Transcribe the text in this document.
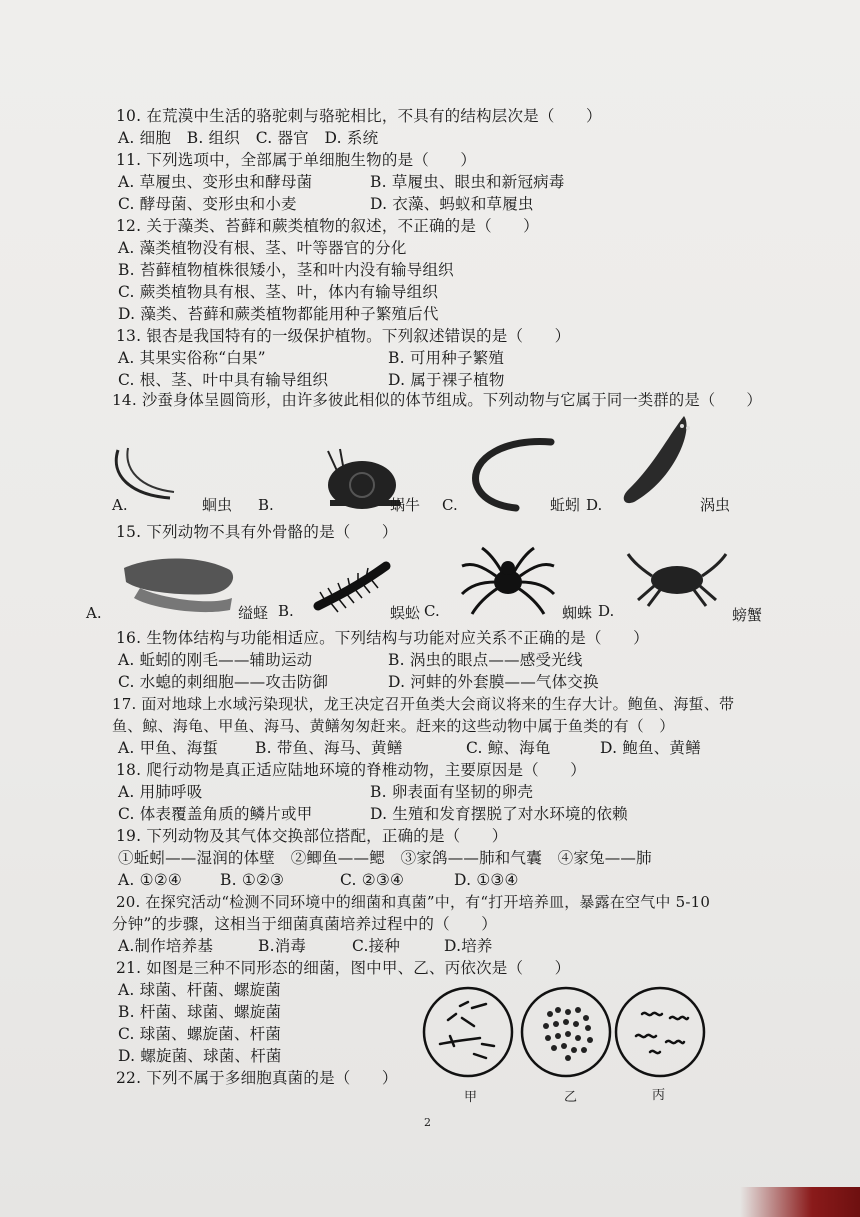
10. 在荒漠中生活的骆驼刺与骆驼相比，不具有的结构层次是（　　）
A. 细胞　B. 组织　C. 器官　D. 系统
11. 下列选项中，全部属于单细胞生物的是（　　）
A. 草履虫、变形虫和酵母菌	B. 草履虫、眼虫和新冠病毒
C. 酵母菌、变形虫和小麦	D. 衣藻、蚂蚁和草履虫
12. 关于藻类、苔藓和蕨类植物的叙述，不正确的是（　　）
A. 藻类植物没有根、茎、叶等器官的分化
B. 苔藓植物植株很矮小，茎和叶内没有输导组织
C. 蕨类植物具有根、茎、叶，体内有输导组织
D. 藻类、苔藓和蕨类植物都能用种子繁殖后代
13. 银杏是我国特有的一级保护植物。下列叙述错误的是（　　）
A. 其果实俗称“白果”	B. 可用种子繁殖
C. 根、茎、叶中具有输导组织	D. 属于裸子植物
14. 沙蚕身体呈圆筒形，由许多彼此相似的体节组成。下列动物与它属于同一类群的是（　　）
A.	蛔虫 B.	蜗牛 C.	蚯蚓 D.	涡虫
15. 下列动物不具有外骨骼的是（　　）
A.	缢蛏 B.	蜈蚣 C.	蜘蛛 D.	螃蟹
16. 生物体结构与功能相适应。下列结构与功能对应关系不正确的是（　　）
A. 蚯蚓的刚毛——辅助运动	B. 涡虫的眼点——感受光线
C. 水螅的刺细胞——攻击防御	D. 河蚌的外套膜——气体交换
17. 面对地球上水域污染现状，龙王决定召开鱼类大会商议将来的生存大计。鲍鱼、海蜇、带
鱼、鲸、海龟、甲鱼、海马、黄鳝匆匆赶来。赶来的这些动物中属于鱼类的有（　）
A. 甲鱼、海蜇 B. 带鱼、海马、黄鳝	C. 鲸、海龟	D. 鲍鱼、黄鳝
18. 爬行动物是真正适应陆地环境的脊椎动物，主要原因是（　　）
A. 用肺呼吸	B. 卵表面有坚韧的卵壳
C. 体表覆盖角质的鳞片或甲	D. 生殖和发育摆脱了对水环境的依赖
19. 下列动物及其气体交换部位搭配，正确的是（　　）
①蚯蚓——湿润的体壁　②鲫鱼——鳃　③家鸽——肺和气囊　④家兔——肺
A. ①②④ B. ①②③	C. ②③④	D. ①③④
20. 在探究活动“检测不同环境中的细菌和真菌”中，有“打开培养皿，暴露在空气中 5-10
分钟”的步骤，这相当于细菌真菌培养过程中的（　　）
A.制作培养基	B.消毒	C.接种	D.培养
21. 如图是三种不同形态的细菌，图中甲、乙、丙依次是（　　）
A. 球菌、杆菌、螺旋菌
B. 杆菌、球菌、螺旋菌
C. 球菌、螺旋菌、杆菌
D. 螺旋菌、球菌、杆菌
甲	乙	丙
22. 下列不属于多细胞真菌的是（　　）
2
